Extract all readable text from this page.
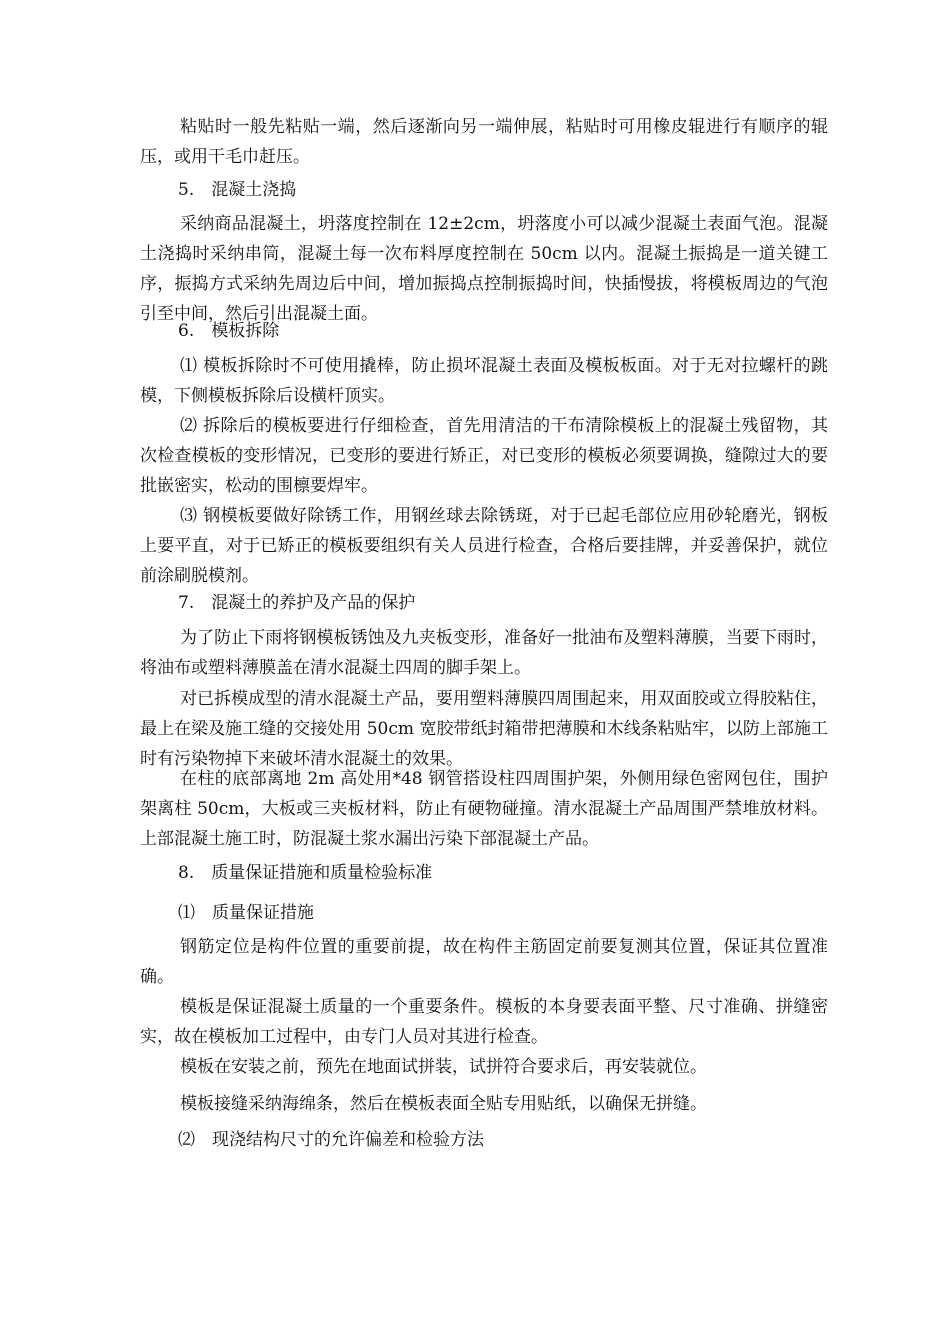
粘贴时一般先粘贴一端，然后逐渐向另一端伸展，粘贴时可用橡皮辊进行有顺序的辊压，或用干毛巾赶压。

5.　混凝土浇捣

采纳商品混凝土，坍落度控制在 12±2cm，坍落度小可以减少混凝土表面气泡。混凝土浇捣时采纳串筒，混凝土每一次布料厚度控制在 50cm 以内。混凝土振捣是一道关键工序，振捣方式采纳先周边后中间，增加振捣点控制振捣时间，快插慢拔，将模板周边的气泡引至中间，然后引出混凝土面。

6.　模板拆除

⑴ 模板拆除时不可使用撬棒，防止损坏混凝土表面及模板板面。对于无对拉螺杆的跳模，下侧模板拆除后设横杆顶实。

⑵ 拆除后的模板要进行仔细检查，首先用清洁的干布清除模板上的混凝土残留物，其次检查模板的变形情况，已变形的要进行矫正，对已变形的模板必须要调换，缝隙过大的要批嵌密实，松动的围檩要焊牢。

⑶ 钢模板要做好除锈工作，用钢丝球去除锈斑，对于已起毛部位应用砂轮磨光，钢板上要平直，对于已矫正的模板要组织有关人员进行检查，合格后要挂牌，并妥善保护，就位前涂刷脱模剂。

7.　混凝土的养护及产品的保护

为了防止下雨将钢模板锈蚀及九夹板变形，准备好一批油布及塑料薄膜，当要下雨时，将油布或塑料薄膜盖在清水混凝土四周的脚手架上。

对已拆模成型的清水混凝土产品，要用塑料薄膜四周围起来，用双面胶或立得胶粘住，最上在梁及施工缝的交接处用 50cm 宽胶带纸封箱带把薄膜和木线条粘贴牢，以防上部施工时有污染物掉下来破坏清水混凝土的效果。

在柱的底部离地 2m 高处用*48 钢管搭设柱四周围护架，外侧用绿色密网包住，围护架离柱 50cm，大板或三夹板材料，防止有硬物碰撞。清水混凝土产品周围严禁堆放材料。上部混凝土施工时，防混凝土浆水漏出污染下部混凝土产品。

8.　质量保证措施和质量检验标准

⑴　质量保证措施

钢筋定位是构件位置的重要前提，故在构件主筋固定前要复测其位置，保证其位置准确。

模板是保证混凝土质量的一个重要条件。模板的本身要表面平整、尺寸准确、拼缝密实，故在模板加工过程中，由专门人员对其进行检查。

模板在安装之前，预先在地面试拼装，试拼符合要求后，再安装就位。

模板接缝采纳海绵条，然后在模板表面全贴专用贴纸，以确保无拼缝。

⑵　现浇结构尺寸的允许偏差和检验方法
